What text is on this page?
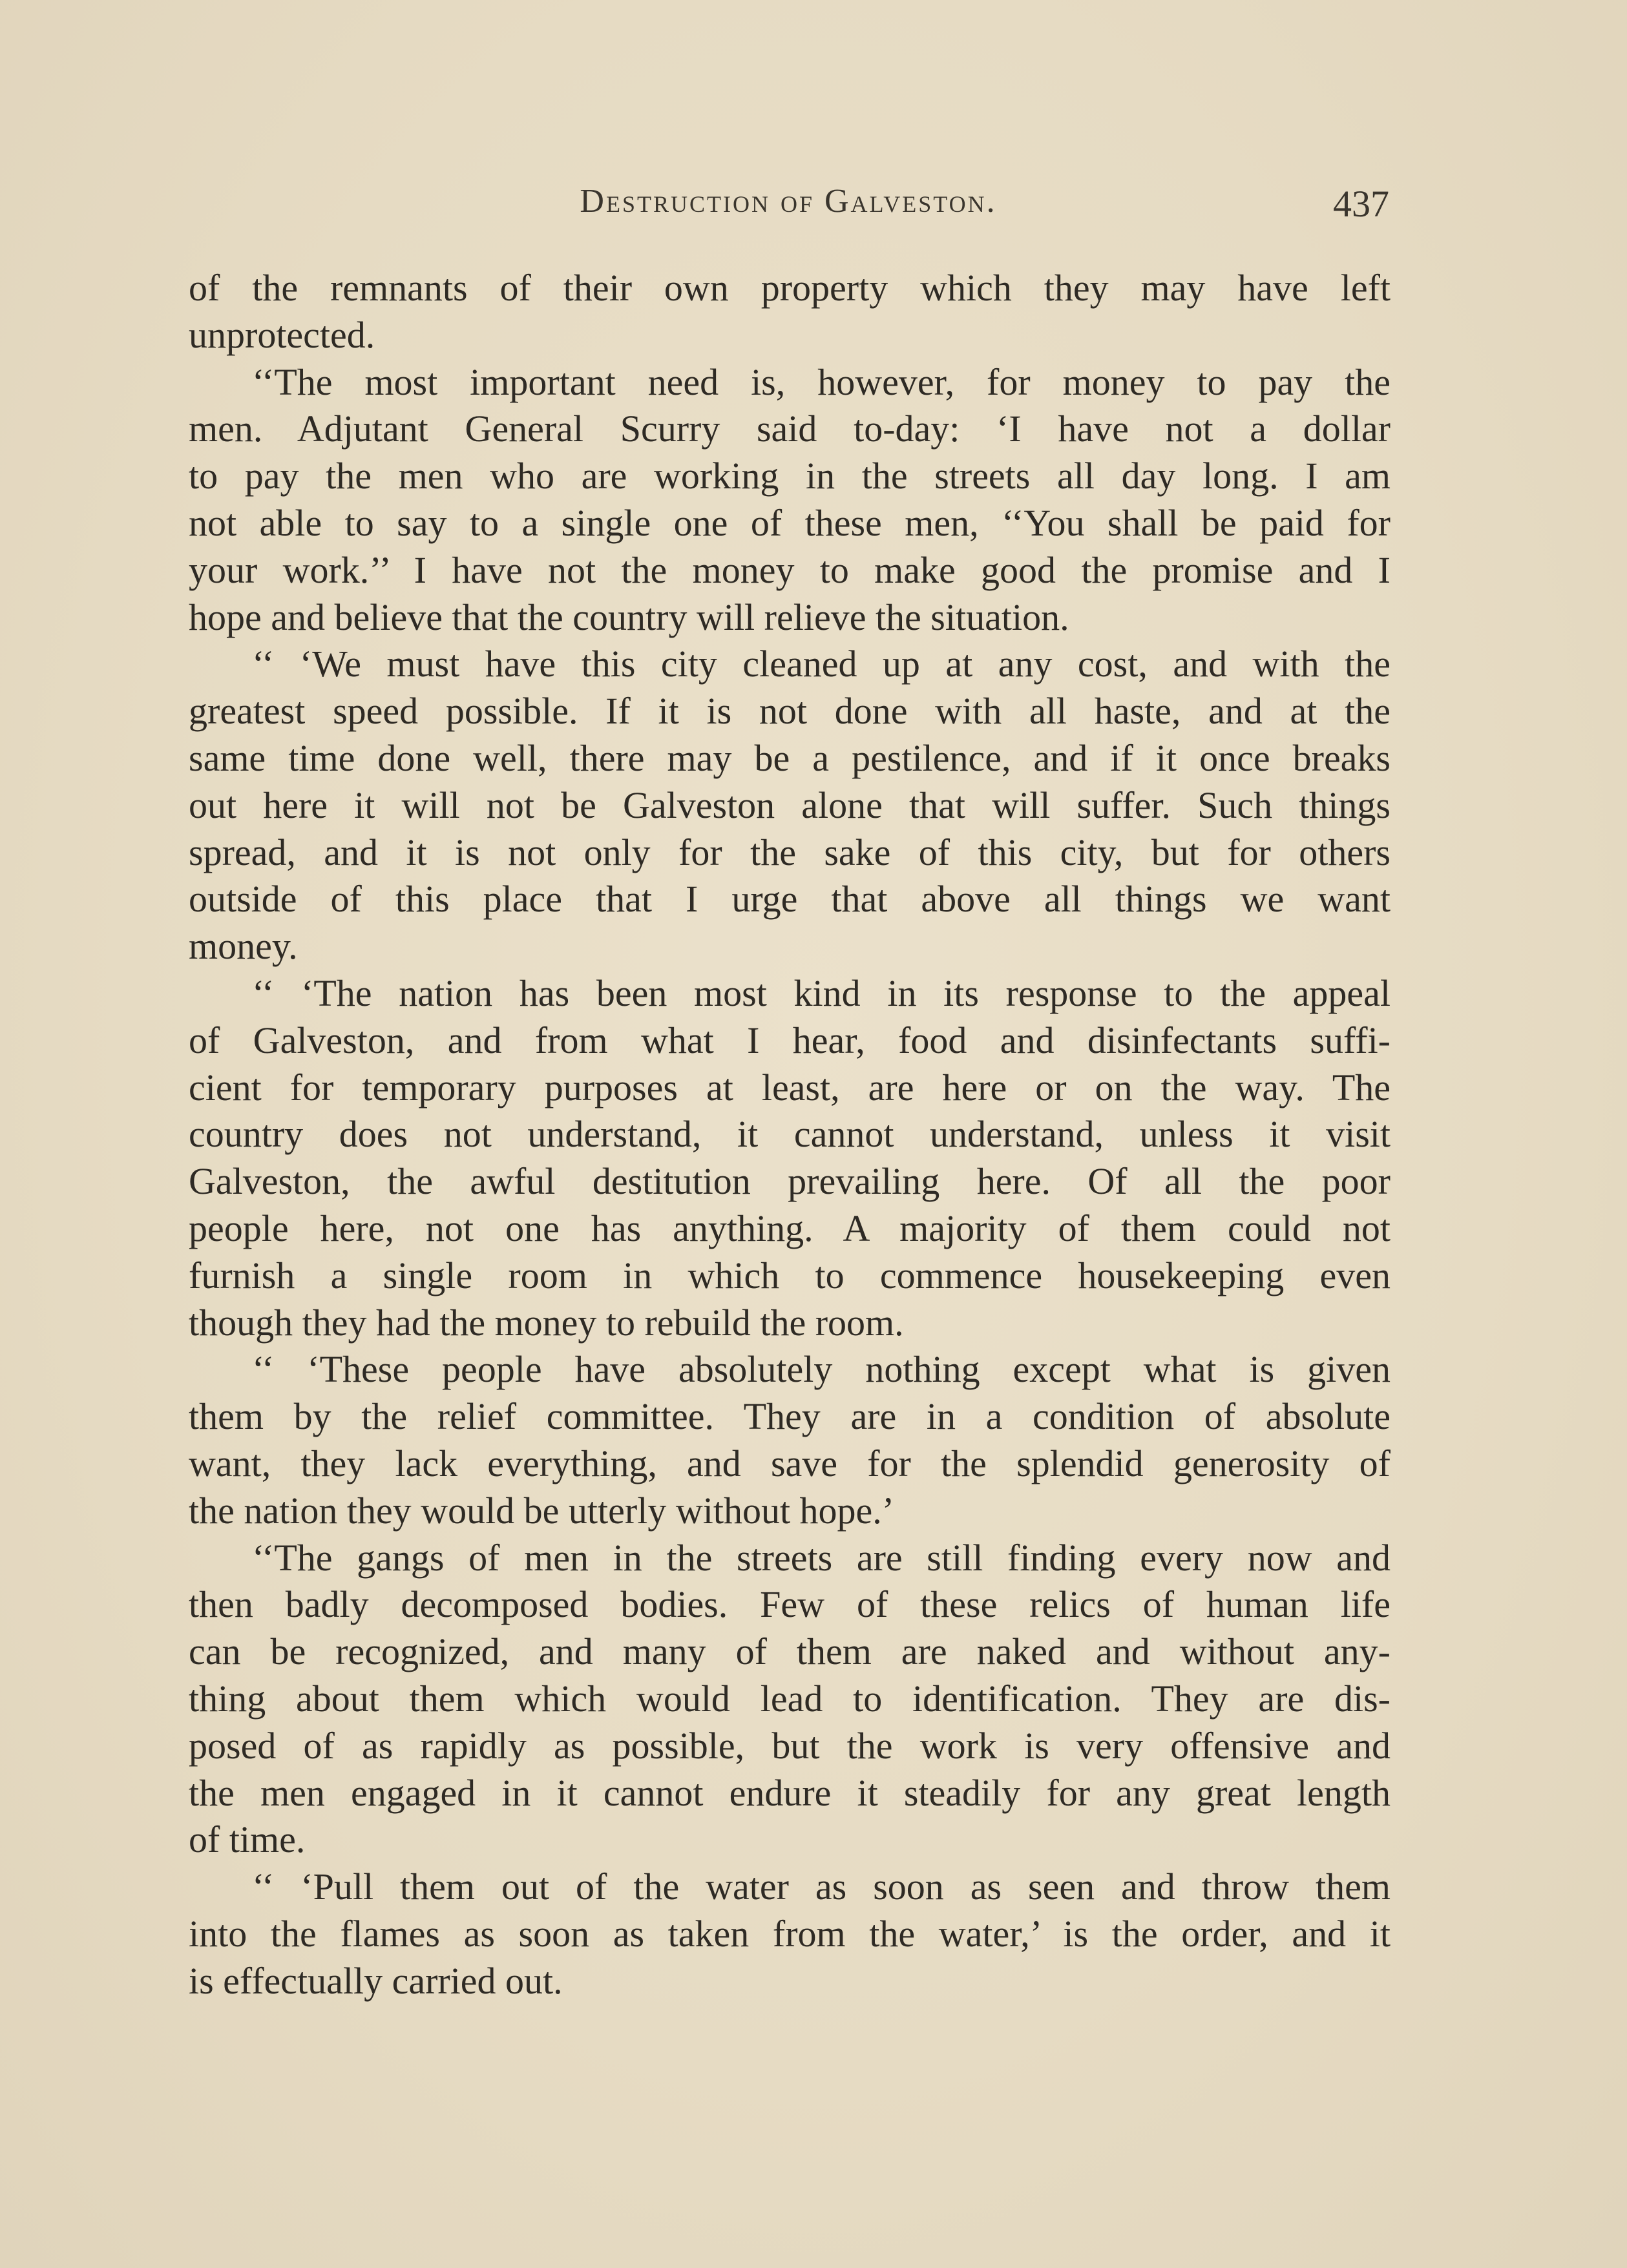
Destruction of Galveston.	437
of the remnants of their own property which they may have left
unprotected.
‘‘The most important need is, however, for money to pay the
men. Adjutant General Scurry said to-day: ‘I have not a dollar
to pay the men who are working in the streets all day long. I am
not able to say to a single one of these men, ‘‘You shall be paid for
your work.’’ I have not the money to make good the promise and I
hope and believe that the country will relieve the situation.
‘‘ ‘We must have this city cleaned up at any cost, and with the
greatest speed possible. If it is not done with all haste, and at the
same time done well, there may be a pestilence, and if it once breaks
out here it will not be Galveston alone that will suffer. Such things
spread, and it is not only for the sake of this city, but for others
outside of this place that I urge that above all things we want
money.
‘‘ ‘The nation has been most kind in its response to the appeal
of Galveston, and from what I hear, food and disinfectants suffi-
cient for temporary purposes at least, are here or on the way. The
country does not understand, it cannot understand, unless it visit
Galveston, the awful destitution prevailing here. Of all the poor
people here, not one has anything. A majority of them could not
furnish a single room in which to commence housekeeping even
though they had the money to rebuild the room.
‘‘ ‘These people have absolutely nothing except what is given
them by the relief committee. They are in a condition of absolute
want, they lack everything, and save for the splendid generosity of
the nation they would be utterly without hope.’
‘‘The gangs of men in the streets are still finding every now and
then badly decomposed bodies. Few of these relics of human life
can be recognized, and many of them are naked and without any-
thing about them which would lead to identification. They are dis-
posed of as rapidly as possible, but the work is very offensive and
the men engaged in it cannot endure it steadily for any great length
of time.
‘‘ ‘Pull them out of the water as soon as seen and throw them
into the flames as soon as taken from the water,’ is the order, and it
is effectually carried out.
